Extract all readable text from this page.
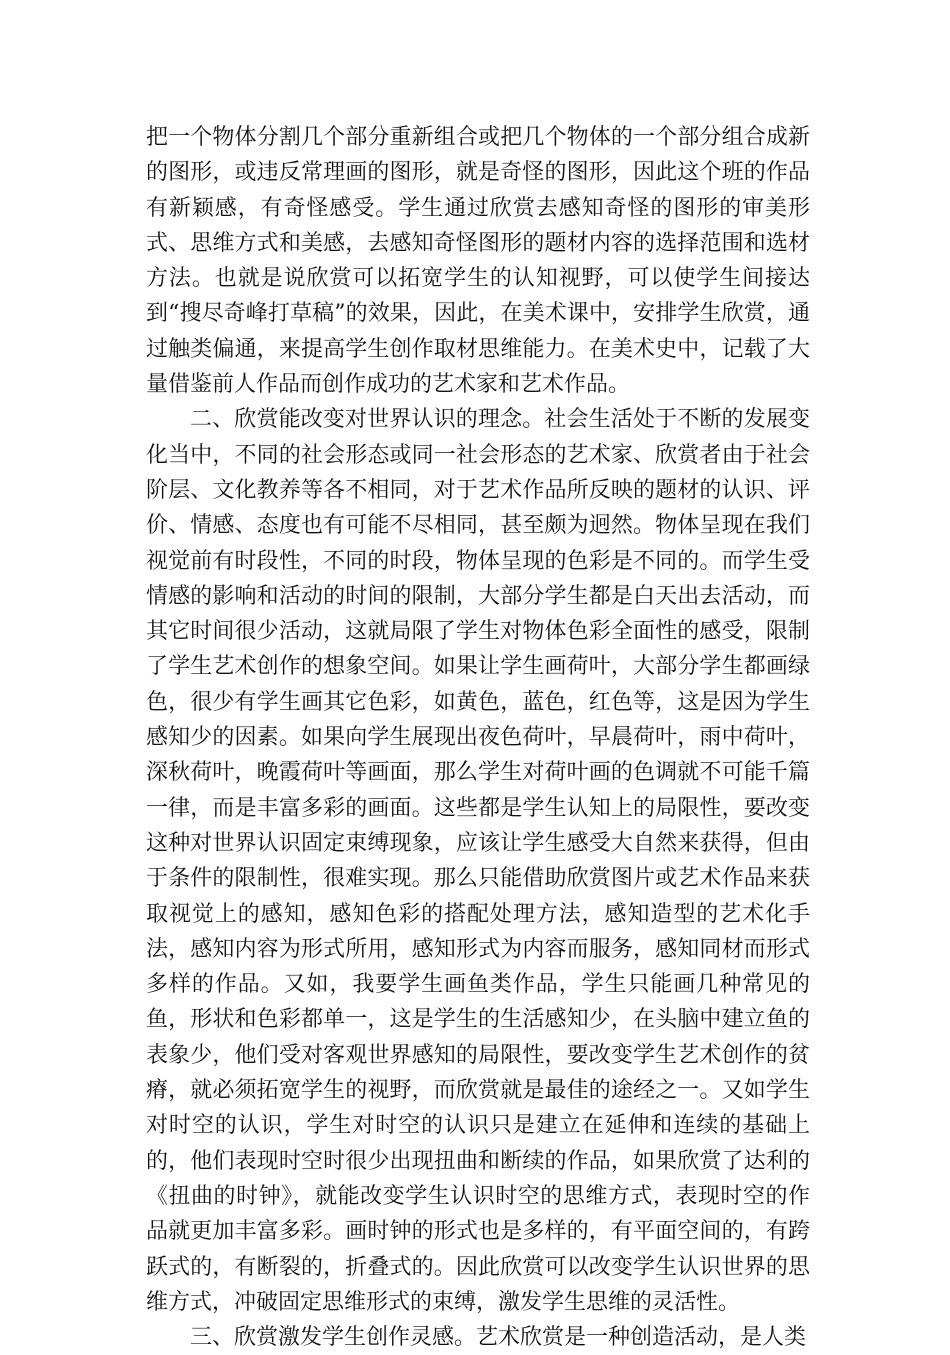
把一个物体分割几个部分重新组合或把几个物体的一个部分组合成新的图形，或违反常理画的图形，就是奇怪的图形，因此这个班的作品有新颖感，有奇怪感受。学生通过欣赏去感知奇怪的图形的审美形式、思维方式和美感，去感知奇怪图形的题材内容的选择范围和选材方法。也就是说欣赏可以拓宽学生的认知视野，可以使学生间接达到“搜尽奇峰打草稿”的效果，因此，在美术课中，安排学生欣赏，通过触类偏通，来提高学生创作取材思维能力。在美术史中，记载了大量借鉴前人作品而创作成功的艺术家和艺术作品。

二、欣赏能改变对世界认识的理念。社会生活处于不断的发展变化当中，不同的社会形态或同一社会形态的艺术家、欣赏者由于社会阶层、文化教养等各不相同，对于艺术作品所反映的题材的认识、评价、情感、态度也有可能不尽相同，甚至颇为迥然。物体呈现在我们视觉前有时段性，不同的时段，物体呈现的色彩是不同的。而学生受情感的影响和活动的时间的限制，大部分学生都是白天出去活动，而其它时间很少活动，这就局限了学生对物体色彩全面性的感受，限制了学生艺术创作的想象空间。如果让学生画荷叶，大部分学生都画绿色，很少有学生画其它色彩，如黄色，蓝色，红色等，这是因为学生感知少的因素。如果向学生展现出夜色荷叶，早晨荷叶，雨中荷叶，深秋荷叶，晚霞荷叶等画面，那么学生对荷叶画的色调就不可能千篇一律，而是丰富多彩的画面。这些都是学生认知上的局限性，要改变这种对世界认识固定束缚现象，应该让学生感受大自然来获得，但由于条件的限制性，很难实现。那么只能借助欣赏图片或艺术作品来获取视觉上的感知，感知色彩的搭配处理方法，感知造型的艺术化手法，感知内容为形式所用，感知形式为内容而服务，感知同材而形式多样的作品。又如，我要学生画鱼类作品，学生只能画几种常见的鱼，形状和色彩都单一，这是学生的生活感知少，在头脑中建立鱼的表象少，他们受对客观世界感知的局限性，要改变学生艺术创作的贫瘠，就必须拓宽学生的视野，而欣赏就是最佳的途经之一。又如学生对时空的认识，学生对时空的认识只是建立在延伸和连续的基础上的，他们表现时空时很少出现扭曲和断续的作品，如果欣赏了达利的《扭曲的时钟》，就能改变学生认识时空的思维方式，表现时空的作品就更加丰富多彩。画时钟的形式也是多样的，有平面空间的，有跨跃式的，有断裂的，折叠式的。因此欣赏可以改变学生认识世界的思维方式，冲破固定思维形式的束缚，激发学生思维的灵活性。

三、欣赏激发学生创作灵感。艺术欣赏是一种创造活动，是人类
